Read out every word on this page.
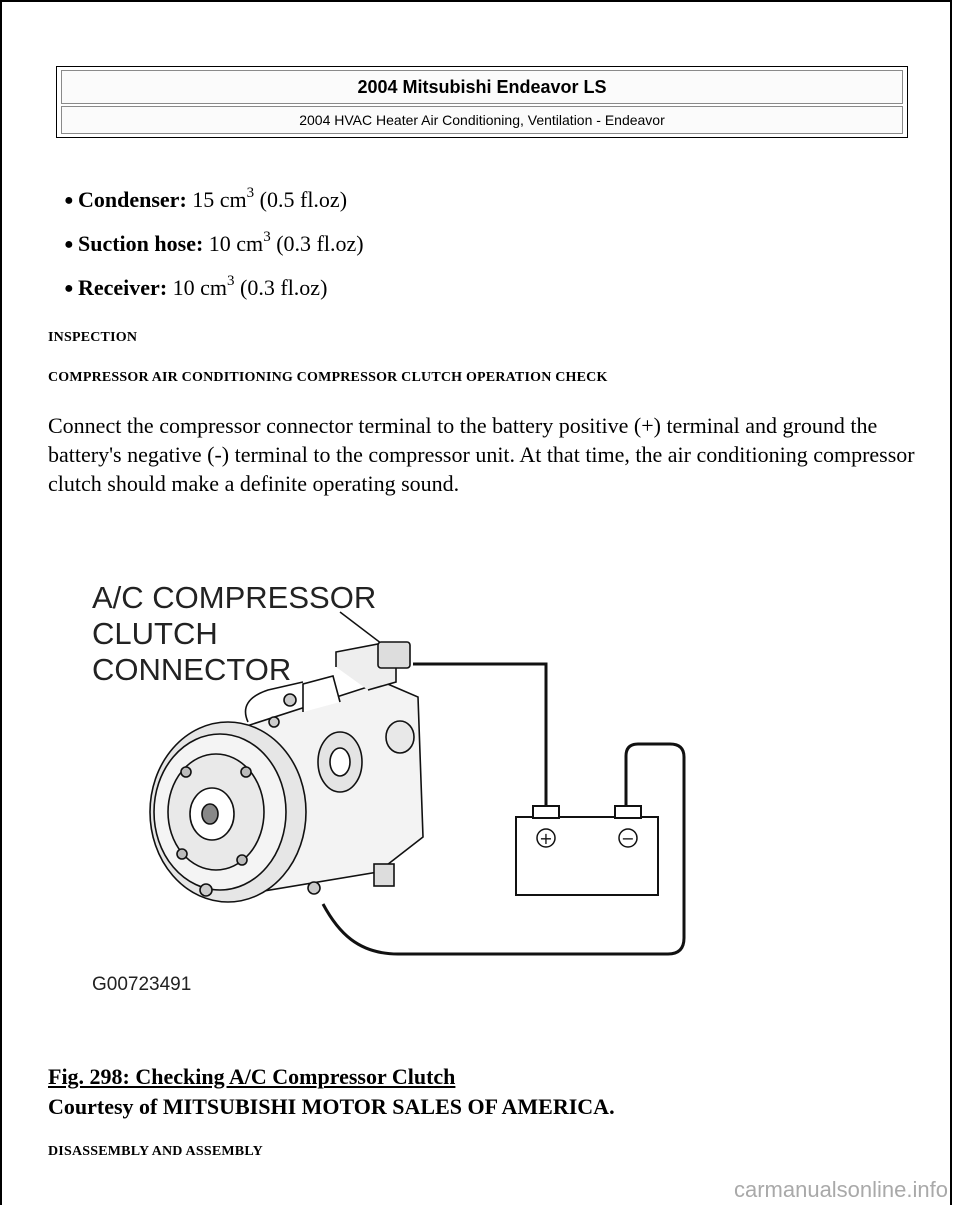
2004 Mitsubishi Endeavor LS
2004 HVAC Heater Air Conditioning, Ventilation - Endeavor
● Condenser: 15 $cm^3$ (0.5 fl.oz)
● Suction hose: 10 $cm^3$ (0.3 fl.oz)
● Receiver: 10 $cm^3$ (0.3 fl.oz)
INSPECTION
COMPRESSOR AIR CONDITIONING COMPRESSOR CLUTCH OPERATION CHECK

Connect the compressor connector terminal to the battery positive (+) terminal and ground the battery's negative (-) terminal to the compressor unit. At that time, the air conditioning compressor clutch should make a definite operating sound.

A/C COMPRESSOR
CLUTCH
CONNECTOR
G00723491
+	−
Fig. 298: Checking A/C Compressor Clutch
Courtesy of MITSUBISHI MOTOR SALES OF AMERICA.
DISASSEMBLY AND ASSEMBLY
carmanualsonline.info
